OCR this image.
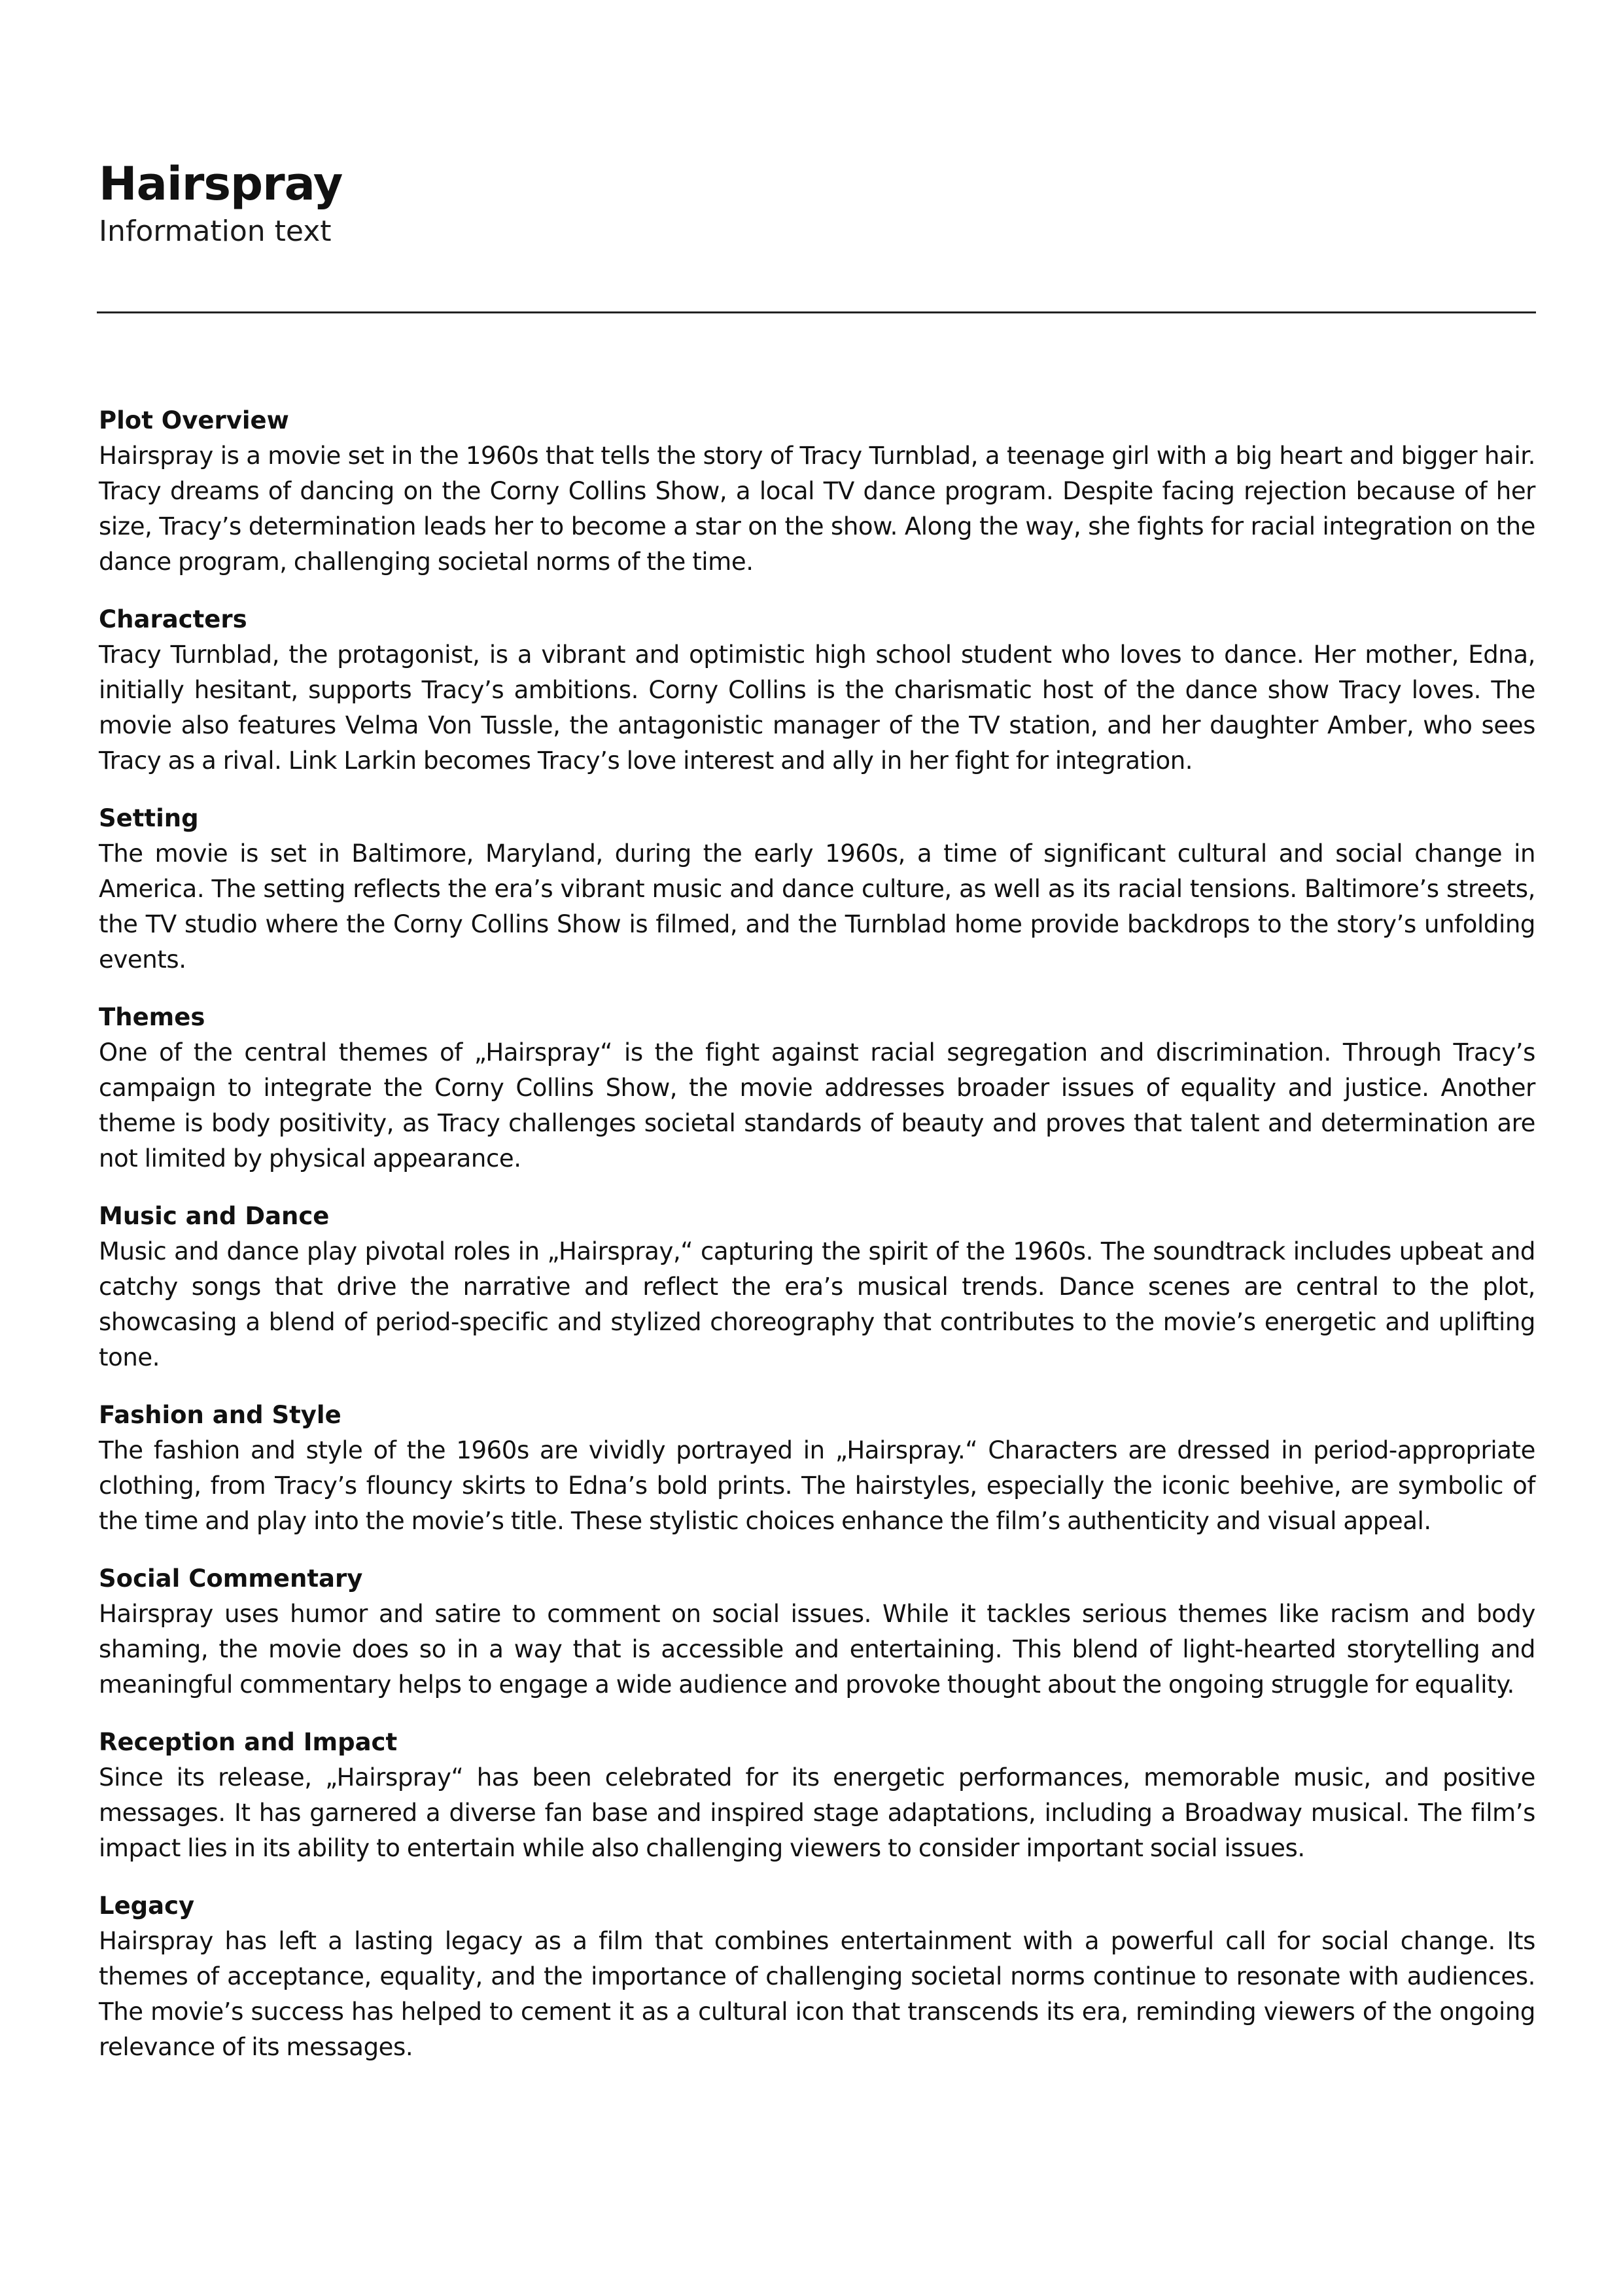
Hairspray
Information text
Plot Overview

Hairspray is a movie set in the 1960s that tells the story of Tracy Turnblad, a teenage girl with a big heart and bigger hair. Tracy dreams of dancing on the Corny Collins Show, a local TV dance program. Despite facing rejection because of her size, Tracy’s determination leads her to become a star on the show. Along the way, she fights for racial integration on the dance program, challenging societal norms of the time.

Characters

Tracy Turnblad, the protagonist, is a vibrant and optimistic high school student who loves to dance. Her mother, Edna, initially hesitant, supports Tracy’s ambitions. Corny Collins is the charismatic host of the dance show Tracy loves. The movie also features Velma Von Tussle, the antagonistic manager of the TV station, and her daughter Amber, who sees Tracy as a rival. Link Larkin becomes Tracy’s love interest and ally in her fight for integration.

Setting

The movie is set in Baltimore, Maryland, during the early 1960s, a time of significant cultural and social change in America. The setting reflects the era’s vibrant music and dance culture, as well as its racial tensions. Baltimore’s streets, the TV studio where the Corny Collins Show is filmed, and the Turnblad home provide backdrops to the story’s unfolding events.

Themes

One of the central themes of „Hairspray“ is the fight against racial segregation and discrimination. Through Tracy’s campaign to integrate the Corny Collins Show, the movie addresses broader issues of equality and justice. Another theme is body positivity, as Tracy challenges societal standards of beauty and proves that talent and determination are not limited by physical appearance.

Music and Dance

Music and dance play pivotal roles in „Hairspray,“ capturing the spirit of the 1960s. The soundtrack includes upbeat and catchy songs that drive the narrative and reflect the era’s musical trends. Dance scenes are central to the plot, showcasing a blend of period-specific and stylized choreography that contributes to the movie’s energetic and uplifting tone.

Fashion and Style

The fashion and style of the 1960s are vividly portrayed in „Hairspray.“ Characters are dressed in period-appropriate clothing, from Tracy’s flouncy skirts to Edna’s bold prints. The hairstyles, especially the iconic beehive, are symbolic of the time and play into the movie’s title. These stylistic choices enhance the film’s authenticity and visual appeal.

Social Commentary

Hairspray uses humor and satire to comment on social issues. While it tackles serious themes like racism and body shaming, the movie does so in a way that is accessible and entertaining. This blend of light-hearted storytelling and meaningful commentary helps to engage a wide audience and provoke thought about the ongoing struggle for equality.

Reception and Impact

Since its release, „Hairspray“ has been celebrated for its energetic performances, memorable music, and positive messages. It has garnered a diverse fan base and inspired stage adaptations, including a Broadway musical. The film’s impact lies in its ability to entertain while also challenging viewers to consider important social issues.

Legacy

Hairspray has left a lasting legacy as a film that combines entertainment with a powerful call for social change. Its themes of acceptance, equality, and the importance of challenging societal norms continue to resonate with audiences. The movie’s success has helped to cement it as a cultural icon that transcends its era, reminding viewers of the ongoing relevance of its messages.
